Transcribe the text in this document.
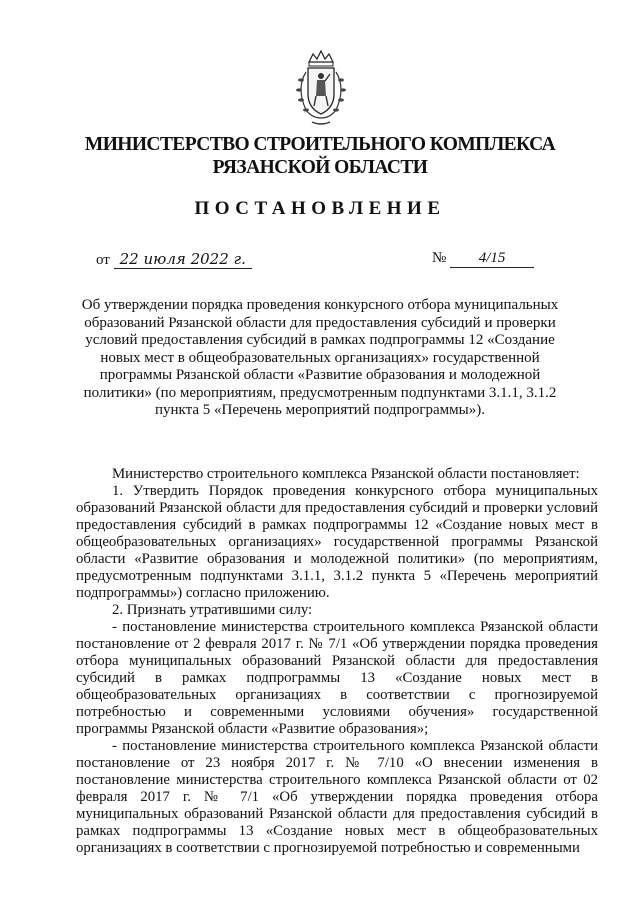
МИНИСТЕРСТВО СТРОИТЕЛЬНОГО КОМПЛЕКСА
РЯЗАНСКОЙ ОБЛАСТИ
ПОСТАНОВЛЕНИЕ
от 22 июля 2022 г.	№ 4/15
Об утверждении порядка проведения конкурсного отбора муниципальных образований Рязанской области для предоставления субсидий и проверки условий предоставления субсидий в рамках подпрограммы 12 «Создание новых мест в общеобразовательных организациях» государственной программы Рязанской области «Развитие образования и молодежной политики» (по мероприятиям, предусмотренным подпунктами 3.1.1, 3.1.2 пункта 5 «Перечень мероприятий подпрограммы»).

Министерство строительного комплекса Рязанской области постановляет:

1. Утвердить Порядок проведения конкурсного отбора муниципальных образований Рязанской области для предоставления субсидий и проверки условий предоставления субсидий в рамках подпрограммы 12 «Создание новых мест в общеобразовательных организациях» государственной программы Рязанской области «Развитие образования и молодежной политики» (по мероприятиям, предусмотренным подпунктами 3.1.1, 3.1.2 пункта 5 «Перечень мероприятий подпрограммы») согласно приложению.

2. Признать утратившими силу:

- постановление министерства строительного комплекса Рязанской области постановление от 2 февраля 2017 г. № 7/1 «Об утверждении порядка проведения отбора муниципальных образований Рязанской области для предоставления субсидий в рамках подпрограммы 13 «Создание новых мест в общеобразовательных организациях в соответствии с прогнозируемой потребностью и современными условиями обучения» государственной программы Рязанской области «Развитие образования»;

- постановление министерства строительного комплекса Рязанской области постановление от 23 ноября 2017 г. № 7/10 «О внесении изменения в постановление министерства строительного комплекса Рязанской области от 02 февраля 2017 г. № 7/1 «Об утверждении порядка проведения отбора муниципальных образований Рязанской области для предоставления субсидий в рамках подпрограммы 13 «Создание новых мест в общеобразовательных организациях в соответствии с прогнозируемой потребностью и современными
